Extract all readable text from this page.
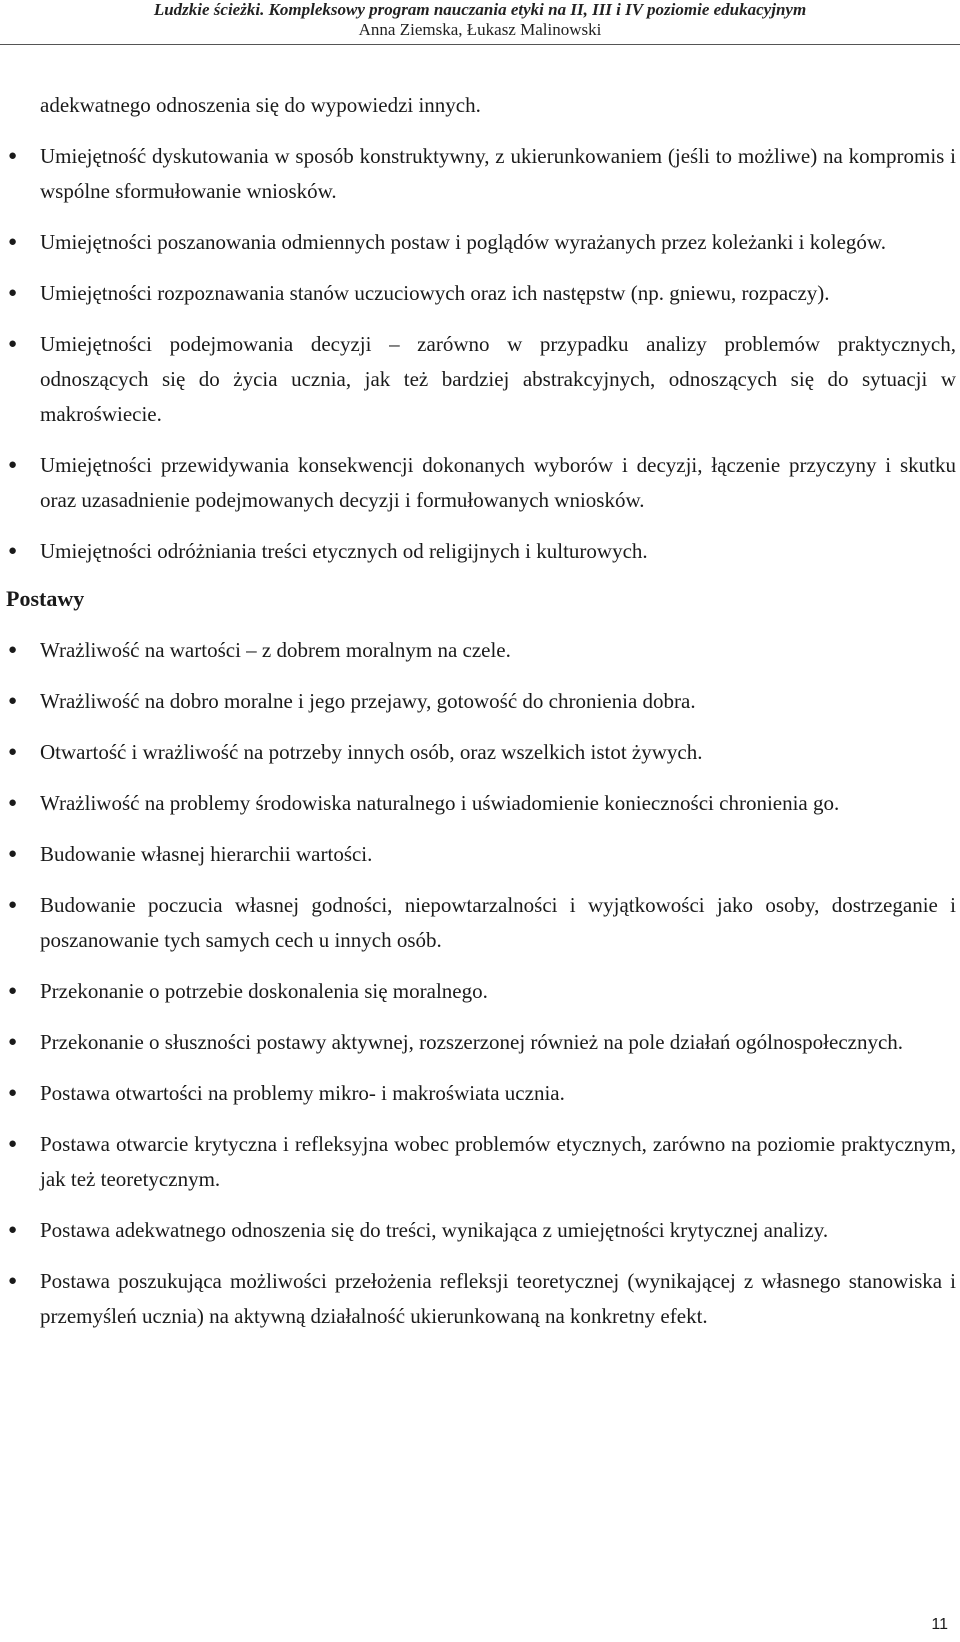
Ludzkie ścieżki. Kompleksowy program nauczania etyki na II, III i IV poziomie edukacyjnym
Anna Ziemska, Łukasz Malinowski

adekwatnego odnoszenia się do wypowiedzi innych.

● Umiejętność dyskutowania w sposób konstruktywny, z ukierunkowaniem (jeśli to możliwe) na kompromis i wspólne sformułowanie wniosków.
● Umiejętności poszanowania odmiennych postaw i poglądów wyrażanych przez koleżanki i kolegów.
● Umiejętności rozpoznawania stanów uczuciowych oraz ich następstw (np. gniewu, rozpaczy).
● Umiejętności podejmowania decyzji – zarówno w przypadku analizy problemów praktycznych, odnoszących się do życia ucznia, jak też bardziej abstrakcyjnych, odnoszących się do sytuacji w makroświecie.
● Umiejętności przewidywania konsekwencji dokonanych wyborów i decyzji, łączenie przyczyny i skutku oraz uzasadnienie podejmowanych decyzji i formułowanych wniosków.
● Umiejętności odróżniania treści etycznych od religijnych i kulturowych.
Postawy
● Wrażliwość na wartości – z dobrem moralnym na czele.
● Wrażliwość na dobro moralne i jego przejawy, gotowość do chronienia dobra.
● Otwartość i wrażliwość na potrzeby innych osób, oraz wszelkich istot żywych.
● Wrażliwość na problemy środowiska naturalnego i uświadomienie konieczności chronienia go.
● Budowanie własnej hierarchii wartości.
● Budowanie poczucia własnej godności, niepowtarzalności i wyjątkowości jako osoby, dostrzeganie i poszanowanie tych samych cech u innych osób.
● Przekonanie o potrzebie doskonalenia się moralnego.
● Przekonanie o słuszności postawy aktywnej, rozszerzonej również na pole działań ogólnospołecznych.
● Postawa otwartości na problemy mikro- i makroświata ucznia.
● Postawa otwarcie krytyczna i refleksyjna wobec problemów etycznych, zarówno na poziomie praktycznym, jak też teoretycznym.
● Postawa adekwatnego odnoszenia się do treści, wynikająca z umiejętności krytycznej analizy.
● Postawa poszukująca możliwości przełożenia refleksji teoretycznej (wynikającej z własnego stanowiska i przemyśleń ucznia) na aktywną działalność ukierunkowaną na konkretny efekt.
11
